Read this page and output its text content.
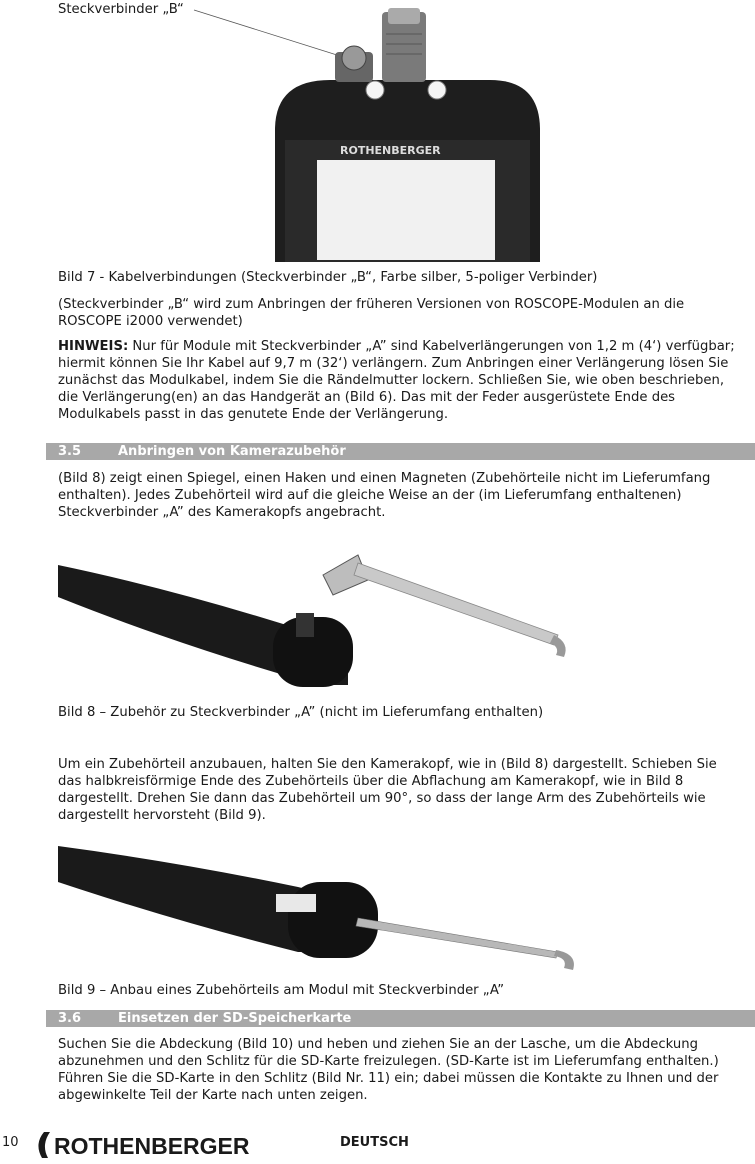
Steckverbinder „B“
ROTHENBERGER
Bild 7 - Kabelverbindungen (Steckverbinder „B“, Farbe silber, 5-poliger Verbinder)
(Steckverbinder „B“ wird zum Anbringen der früheren Versionen von ROSCOPE-Modulen an die ROSCOPE i2000 verwendet)
HINWEIS: Nur für Module mit Steckverbinder „A” sind Kabelverlängerungen von 1,2 m (4‘) verfügbar; hiermit können Sie Ihr Kabel auf 9,7 m (32‘) verlängern. Zum Anbringen einer Verlängerung lösen Sie zunächst das Modulkabel, indem Sie die Rändelmutter lockern. Schließen Sie, wie oben beschrieben, die Verlängerung(en) an das Handgerät an (Bild 6). Das mit der Feder ausgerüstete Ende des Modulkabels passt in das genutete Ende der Verlängerung.
3.5	Anbringen von Kamerazubehör
(Bild 8) zeigt einen Spiegel, einen Haken und einen Magneten (Zubehörteile nicht im Lieferumfang enthalten). Jedes Zubehörteil wird auf die gleiche Weise an der (im Lieferumfang enthaltenen) Steckverbinder „A” des Kamerakopfs angebracht.
Bild 8 – Zubehör zu Steckverbinder „A” (nicht im Lieferumfang enthalten)
Um ein Zubehörteil anzubauen, halten Sie den Kamerakopf, wie in (Bild 8) dargestellt. Schieben Sie das halbkreisförmige Ende des Zubehörteils über die Abflachung am Kamerakopf, wie in Bild 8 dargestellt. Drehen Sie dann das Zubehörteil um 90°, so dass der lange Arm des Zubehörteils wie dargestellt hervorsteht (Bild 9).
Bild 9 – Anbau eines Zubehörteils am Modul mit Steckverbinder „A”
3.6	Einsetzen der SD-Speicherkarte
Suchen Sie die Abdeckung (Bild 10) und heben und ziehen Sie an der Lasche, um die Abdeckung abzunehmen und den Schlitz für die SD-Karte freizulegen. (SD-Karte ist im Lieferumfang enthalten.) Führen Sie die SD-Karte in den Schlitz (Bild Nr. 11) ein; dabei müssen die Kontakte zu Ihnen und der abgewinkelte Teil der Karte nach unten zeigen.
10 ROTHENBERGER	DEUTSCH
